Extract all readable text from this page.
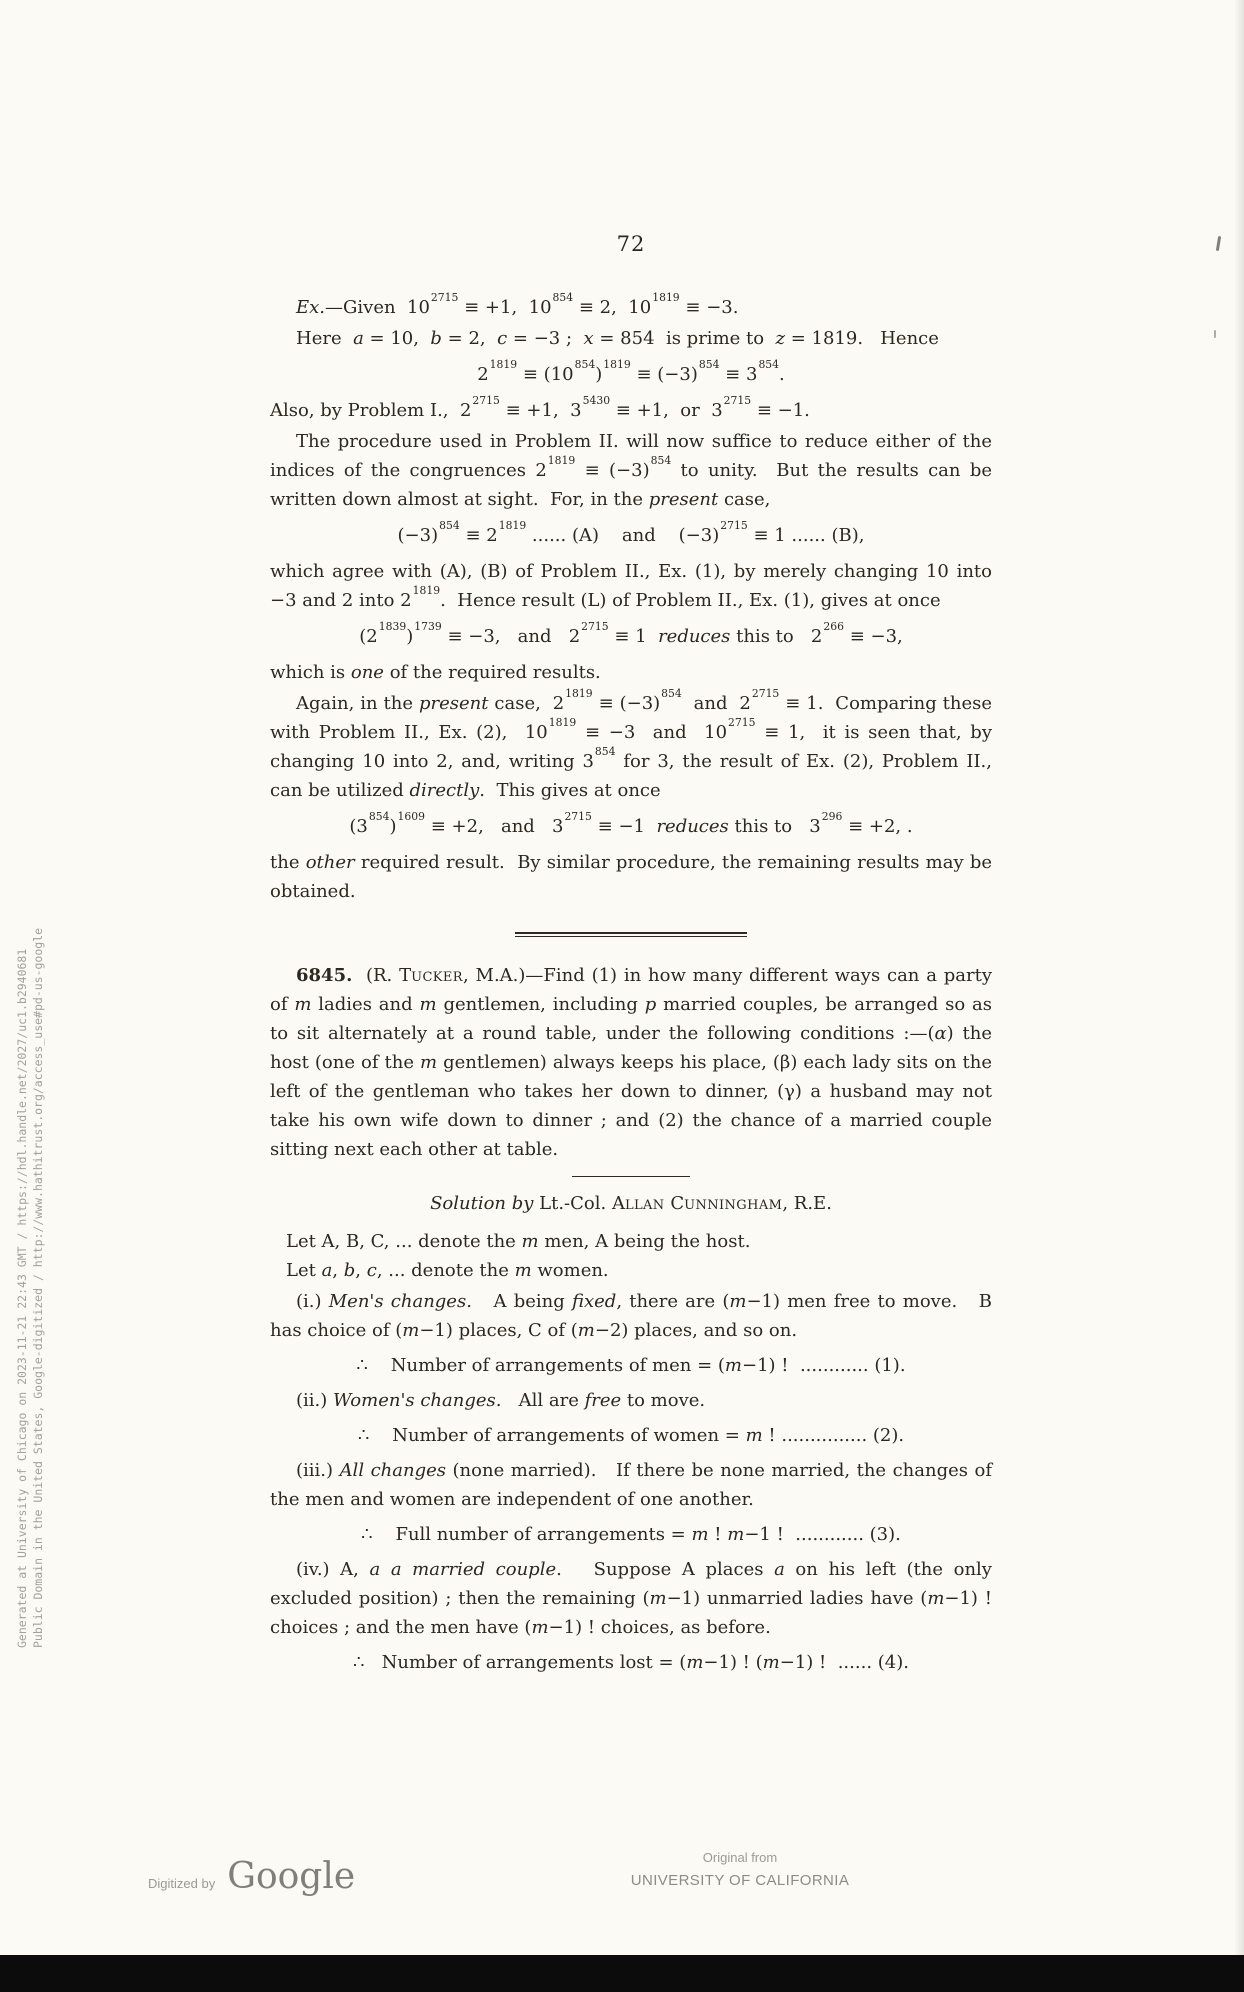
Generated at University of Chicago on 2023-11-21 22:43 GMT / https://hdl.handle.net/2027/uc1.b2940681 Public Domain in the United States, Google-digitized / http://www.hathitrust.org/access_use#pd-us-google
72
Ex.—Given  $10^{2715} \equiv +1$,  $10^{854} \equiv 2$,  $10^{1819} \equiv -3$.
Here  a = 10,  b = 2,  c = −3 ;  x = 854  is prime to  z = 1819.   Hence
$2^{1819} \equiv (10^{854})^{1819} \equiv (-3)^{854} \equiv 3^{854}$.
Also, by Problem I.,  $2^{2715} \equiv +1$,  $3^{5430} \equiv +1$,  or  $3^{2715} \equiv -1$.
The procedure used in Problem II. will now suffice to reduce either of the indices of the congruences $2^{1819} \equiv (-3)^{854}$ to unity.  But the results can be written down almost at sight.  For, in the present case,
$(-3)^{854} \equiv 2^{1819}$ ...... (A)    and    $(-3)^{2715} \equiv 1$ ...... (B),
which agree with (A), (B) of Problem II., Ex. (1), by merely changing 10 into −3 and 2 into $2^{1819}$.  Hence result (L) of Problem II., Ex. (1), gives at once
$(2^{1839})^{1739} \equiv -3$,   and   $2^{2715} \equiv 1$  reduces this to   $2^{266} \equiv -3$,
which is one of the required results.
Again, in the present case,  $2^{1819} \equiv (-3)^{854}$  and  $2^{2715} \equiv 1$.  Comparing these with Problem II., Ex. (2),  $10^{1819} \equiv -3$  and  $10^{2715} \equiv 1$,  it is seen that, by changing 10 into 2, and, writing $3^{854}$ for 3, the result of Ex. (2), Problem II., can be utilized directly.  This gives at once
$(3^{854})^{1609} \equiv +2$,   and   $3^{2715} \equiv -1$  reduces this to   $3^{296} \equiv +2$, .
the other required result.  By similar procedure, the remaining results may be obtained.
6845.  (R. Tucker, M.A.)—Find (1) in how many different ways can a party of m ladies and m gentlemen, including p married couples, be arranged so as to sit alternately at a round table, under the following conditions :—(α) the host (one of the m gentlemen) always keeps his place, (β) each lady sits on the left of the gentleman who takes her down to dinner, (γ) a husband may not take his own wife down to dinner ; and (2) the chance of a married couple sitting next each other at table.
Solution by Lt.-Col. Allan Cunningham, R.E.
Let A, B, C, ... denote the m men, A being the host.
Let a, b, c, ... denote the m women.
(i.) Men's changes.   A being fixed, there are (m−1) men free to move.   B has choice of (m−1) places, C of (m−2) places, and so on.
∴    Number of arrangements of men = (m−1) !  ............ (1).
(ii.) Women's changes.   All are free to move.
∴    Number of arrangements of women = m ! ............... (2).
(iii.) All changes (none married).   If there be none married, the changes of the men and women are independent of one another.
∴    Full number of arrangements = m ! m−1 !  ............ (3).
(iv.) A, a a married couple.   Suppose A places a on his left (the only excluded position) ; then the remaining (m−1) unmarried ladies have (m−1) ! choices ; and the men have (m−1) ! choices, as before.
∴   Number of arrangements lost = (m−1) ! (m−1) !  ...... (4).
Digitized by Google	Original from
UNIVERSITY OF CALIFORNIA
